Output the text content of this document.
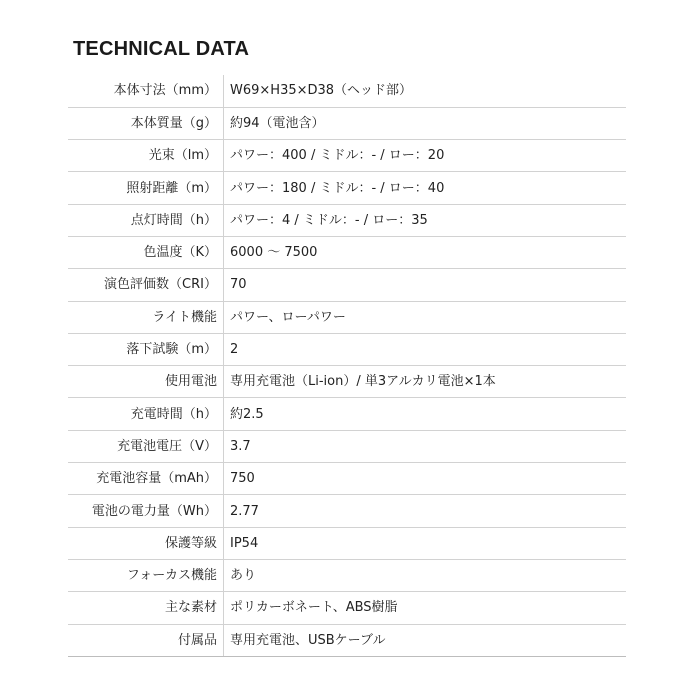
TECHNICAL DATA
本体寸法（mm）	W69×H35×D38（ヘッド部）
本体質量（g）	約94（電池含）
光束（lm）	パワー：400 / ミドル：- / ロー：20
照射距離（m）	パワー：180 / ミドル：- / ロー：40
点灯時間（h）	パワー：4 / ミドル：- / ロー：35
色温度（K）	6000 〜 7500
演色評価数（CRI）	70
ライト機能	パワー、ローパワー
落下試験（m）	2
使用電池	専用充電池（Li-ion）/ 単3アルカリ電池×1本
充電時間（h）	約2.5
充電池電圧（V）	3.7
充電池容量（mAh）	750
電池の電力量（Wh）	2.77
保護等級	IP54
フォーカス機能	あり
主な素材	ポリカーボネート、ABS樹脂
付属品	専用充電池、USBケーブル
